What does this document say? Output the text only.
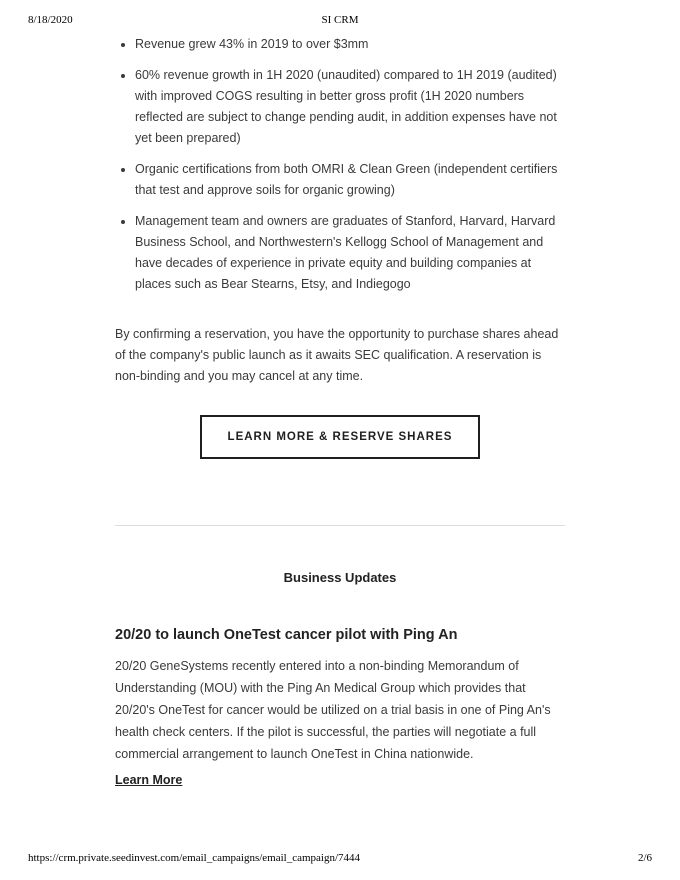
8/18/2020	SI CRM
• Revenue grew 43% in 2019 to over $3mm
• 60% revenue growth in 1H 2020 (unaudited) compared to 1H 2019 (audited) with improved COGS resulting in better gross profit (1H 2020 numbers reflected are subject to change pending audit, in addition expenses have not yet been prepared)
• Organic certifications from both OMRI & Clean Green (independent certifiers that test and approve soils for organic growing)
• Management team and owners are graduates of Stanford, Harvard, Harvard Business School, and Northwestern's Kellogg School of Management and have decades of experience in private equity and building companies at places such as Bear Stearns, Etsy, and Indiegogo

By confirming a reservation, you have the opportunity to purchase shares ahead of the company's public launch as it awaits SEC qualification. A reservation is non-binding and you may cancel at any time.

LEARN MORE & RESERVE SHARES
Business Updates
20/20 to launch OneTest cancer pilot with Ping An

20/20 GeneSystems recently entered into a non-binding Memorandum of Understanding (MOU) with the Ping An Medical Group which provides that 20/20's OneTest for cancer would be utilized on a trial basis in one of Ping An's health check centers. If the pilot is successful, the parties will negotiate a full commercial arrangement to launch OneTest in China nationwide.

Learn More
https://crm.private.seedinvest.com/email_campaigns/email_campaign/7444	2/6
